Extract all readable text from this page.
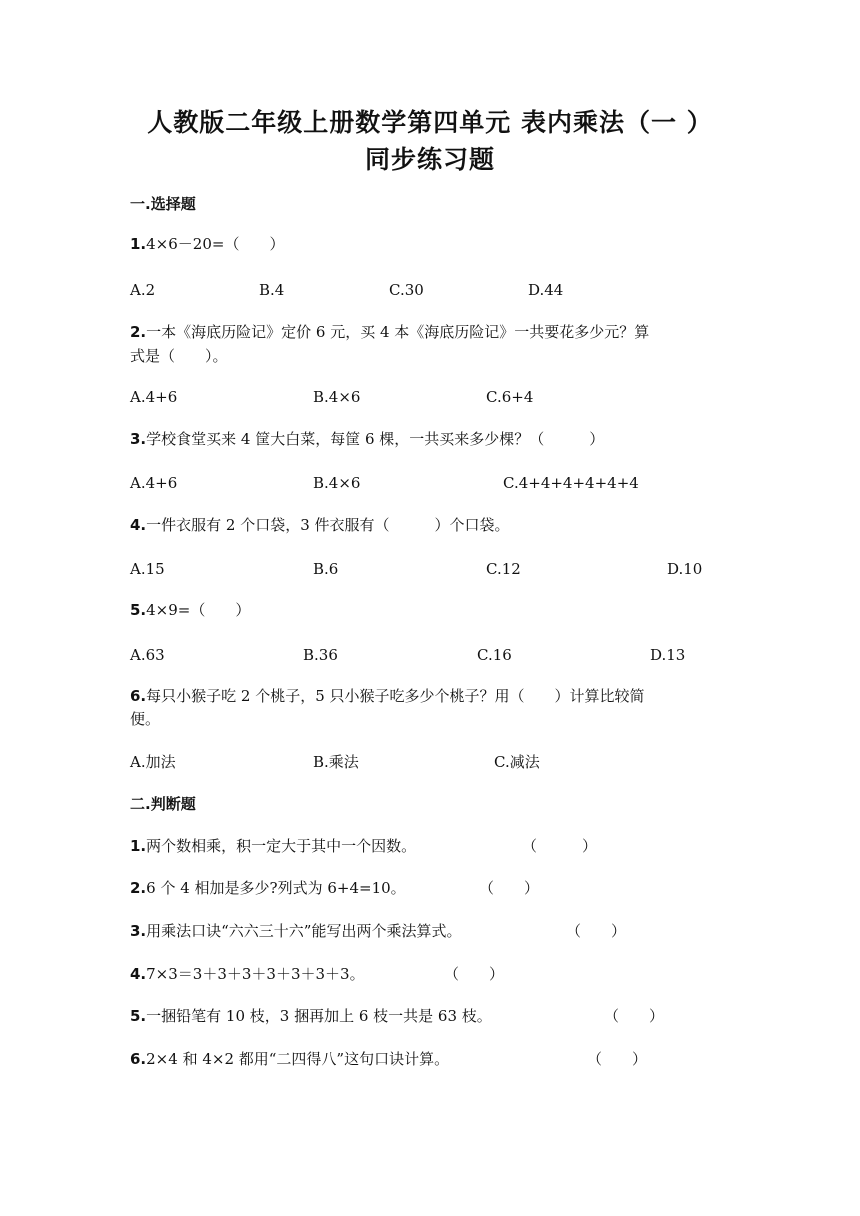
人教版二年级上册数学第四单元 表内乘法（一 ）
同步练习题
一.选择题
1.4×6－20=（　　）
A.2	B.4	C.30	D.44
2.一本《海底历险记》定价 6 元，买 4 本《海底历险记》一共要花多少元？算
式是（　　）。
A.4+6	B.4×6	C.6+4
3.学校食堂买来 4 筐大白菜，每筐 6 棵，一共买来多少棵？（　　　）
A.4+6	B.4×6	C.4+4+4+4+4+4
4.一件衣服有 2 个口袋，3 件衣服有（　　　）个口袋。
A.15	B.6	C.12	D.10
5.4×9=（　　）
A.63	B.36	C.16	D.13
6.每只小猴子吃 2 个桃子，5 只小猴子吃多少个桃子？用（　　）计算比较简
便。
A.加法	B.乘法	C.减法
二.判断题
1.两个数相乘，积一定大于其中一个因数。	（　　　）
2.6 个 4 相加是多少?列式为 6+4=10。	（　　）
3.用乘法口诀“六六三十六”能写出两个乘法算式。	（　　）
4.7×3＝3＋3＋3＋3＋3＋3＋3。	（　　）
5.一捆铅笔有 10 枝，3 捆再加上 6 枝一共是 63 枝。	（　　）
6.2×4 和 4×2 都用“二四得八”这句口诀计算。	（　　）
